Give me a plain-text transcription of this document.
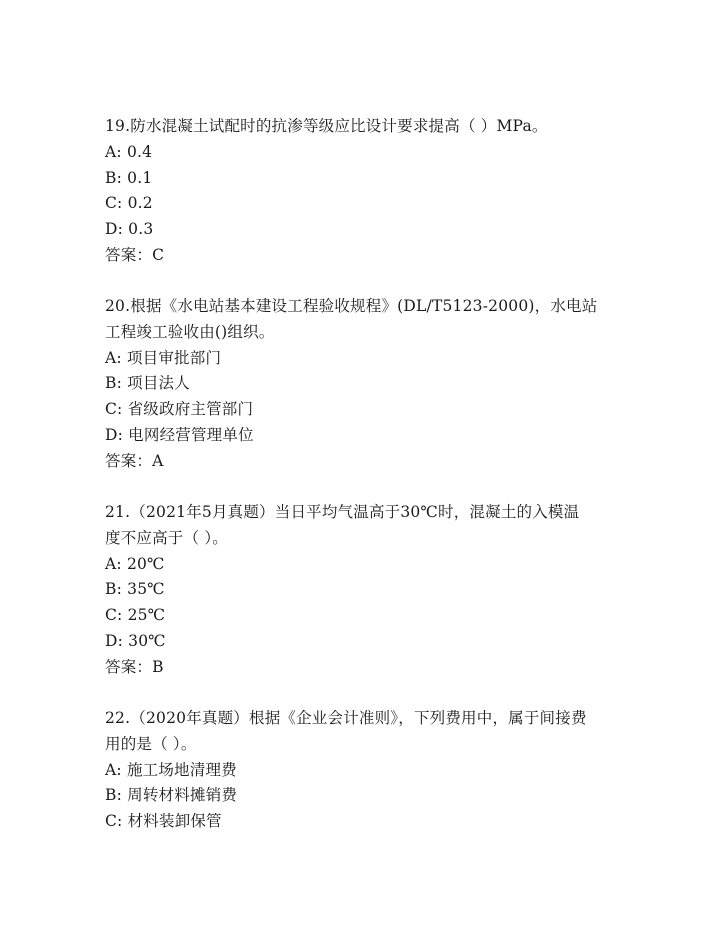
19.防水混凝土试配时的抗渗等级应比设计要求提高（ ）MPa。
A: 0.4
B: 0.1
C: 0.2
D: 0.3
答案：C
20.根据《水电站基本建设工程验收规程》(DL/T5123-2000)，水电站
工程竣工验收由()组织。
A: 项目审批部门
B: 项目法人
C: 省级政府主管部门
D: 电网经营管理单位
答案：A
21.（2021年5月真题）当日平均气温高于30℃时，混凝土的入模温
度不应高于（ ）。
A: 20℃
B: 35℃
C: 25℃
D: 30℃
答案：B
22.（2020年真题）根据《企业会计准则》，下列费用中，属于间接费
用的是（ ）。
A: 施工场地清理费
B: 周转材料摊销费
C: 材料装卸保管
